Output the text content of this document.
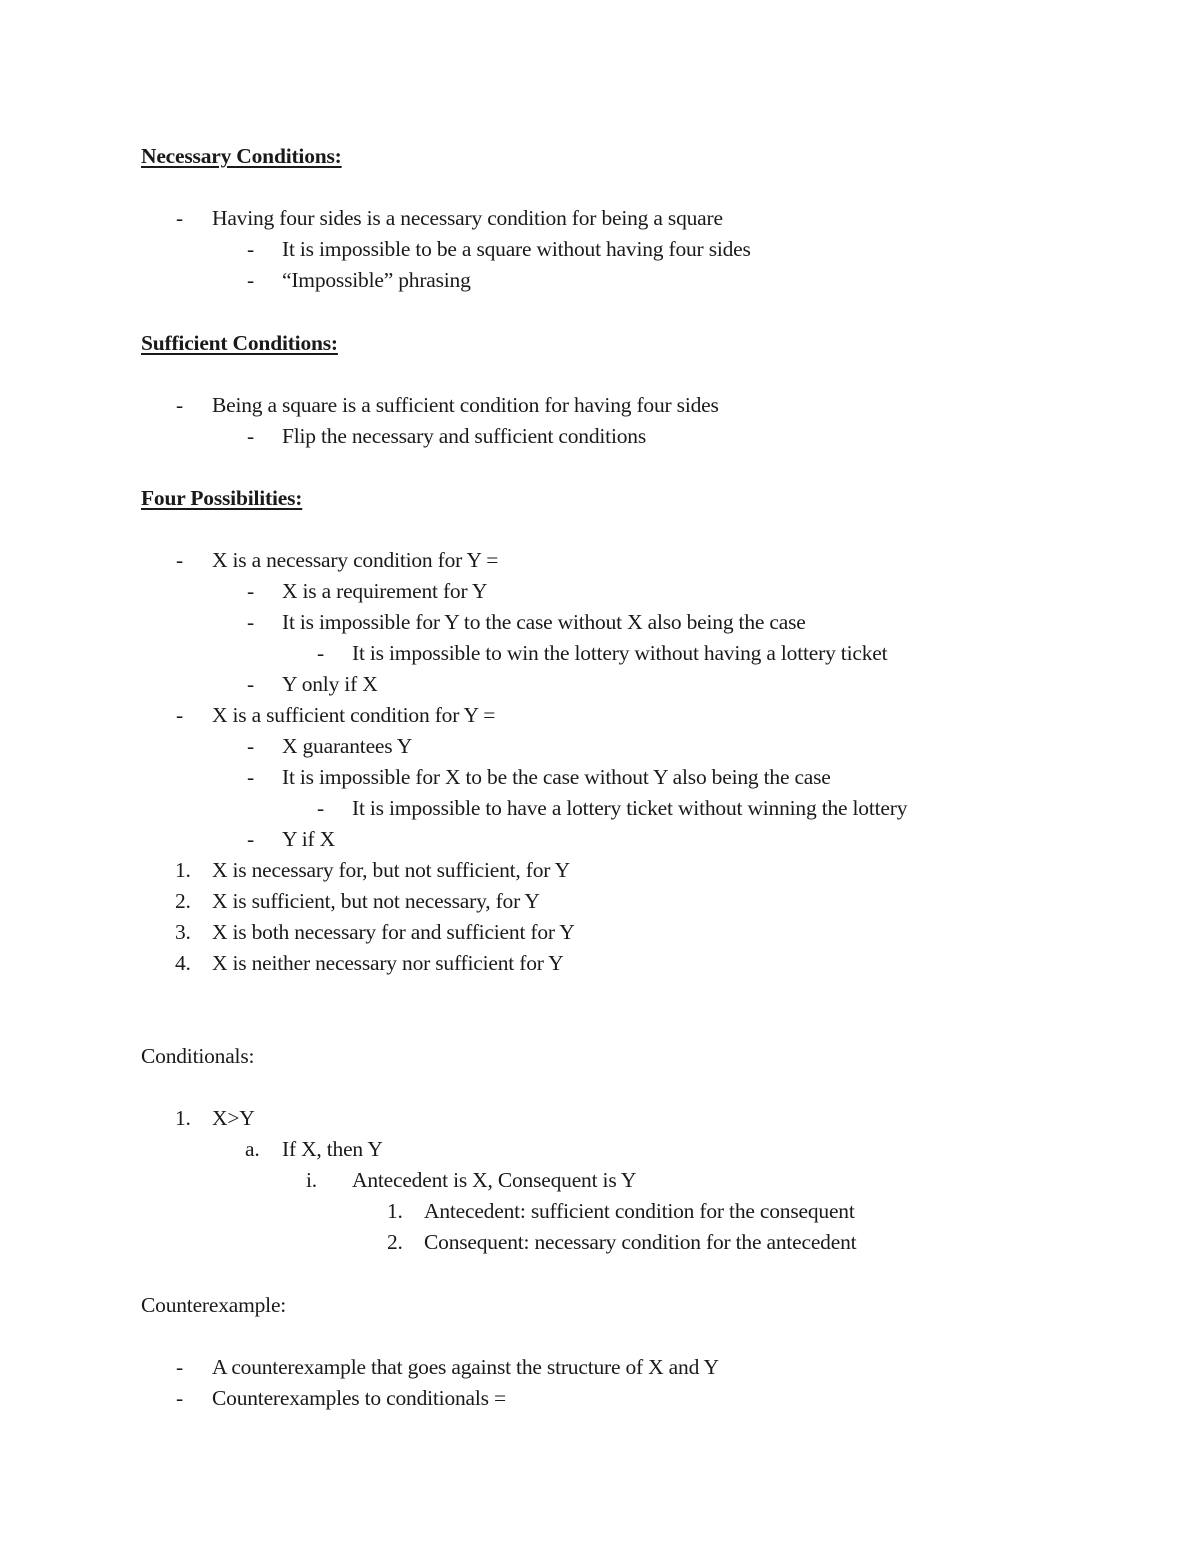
Necessary Conditions:
- Having four sides is a necessary condition for being a square
- It is impossible to be a square without having four sides
- “Impossible” phrasing
Sufficient Conditions:
- Being a square is a sufficient condition for having four sides
- Flip the necessary and sufficient conditions
Four Possibilities:
- X is a necessary condition for Y =
- X is a requirement for Y
- It is impossible for Y to the case without X also being the case
- It is impossible to win the lottery without having a lottery ticket
- Y only if X
- X is a sufficient condition for Y =
- X guarantees Y
- It is impossible for X to be the case without Y also being the case
- It is impossible to have a lottery ticket without winning the lottery
- Y if X
1. X is necessary for, but not sufficient, for Y
2. X is sufficient, but not necessary, for Y
3. X is both necessary for and sufficient for Y
4. X is neither necessary nor sufficient for Y
Conditionals:
1. X>Y
a. If X, then Y
i. Antecedent is X, Consequent is Y
1. Antecedent: sufficient condition for the consequent
2. Consequent: necessary condition for the antecedent
Counterexample:
- A counterexample that goes against the structure of X and Y
- Counterexamples to conditionals =
